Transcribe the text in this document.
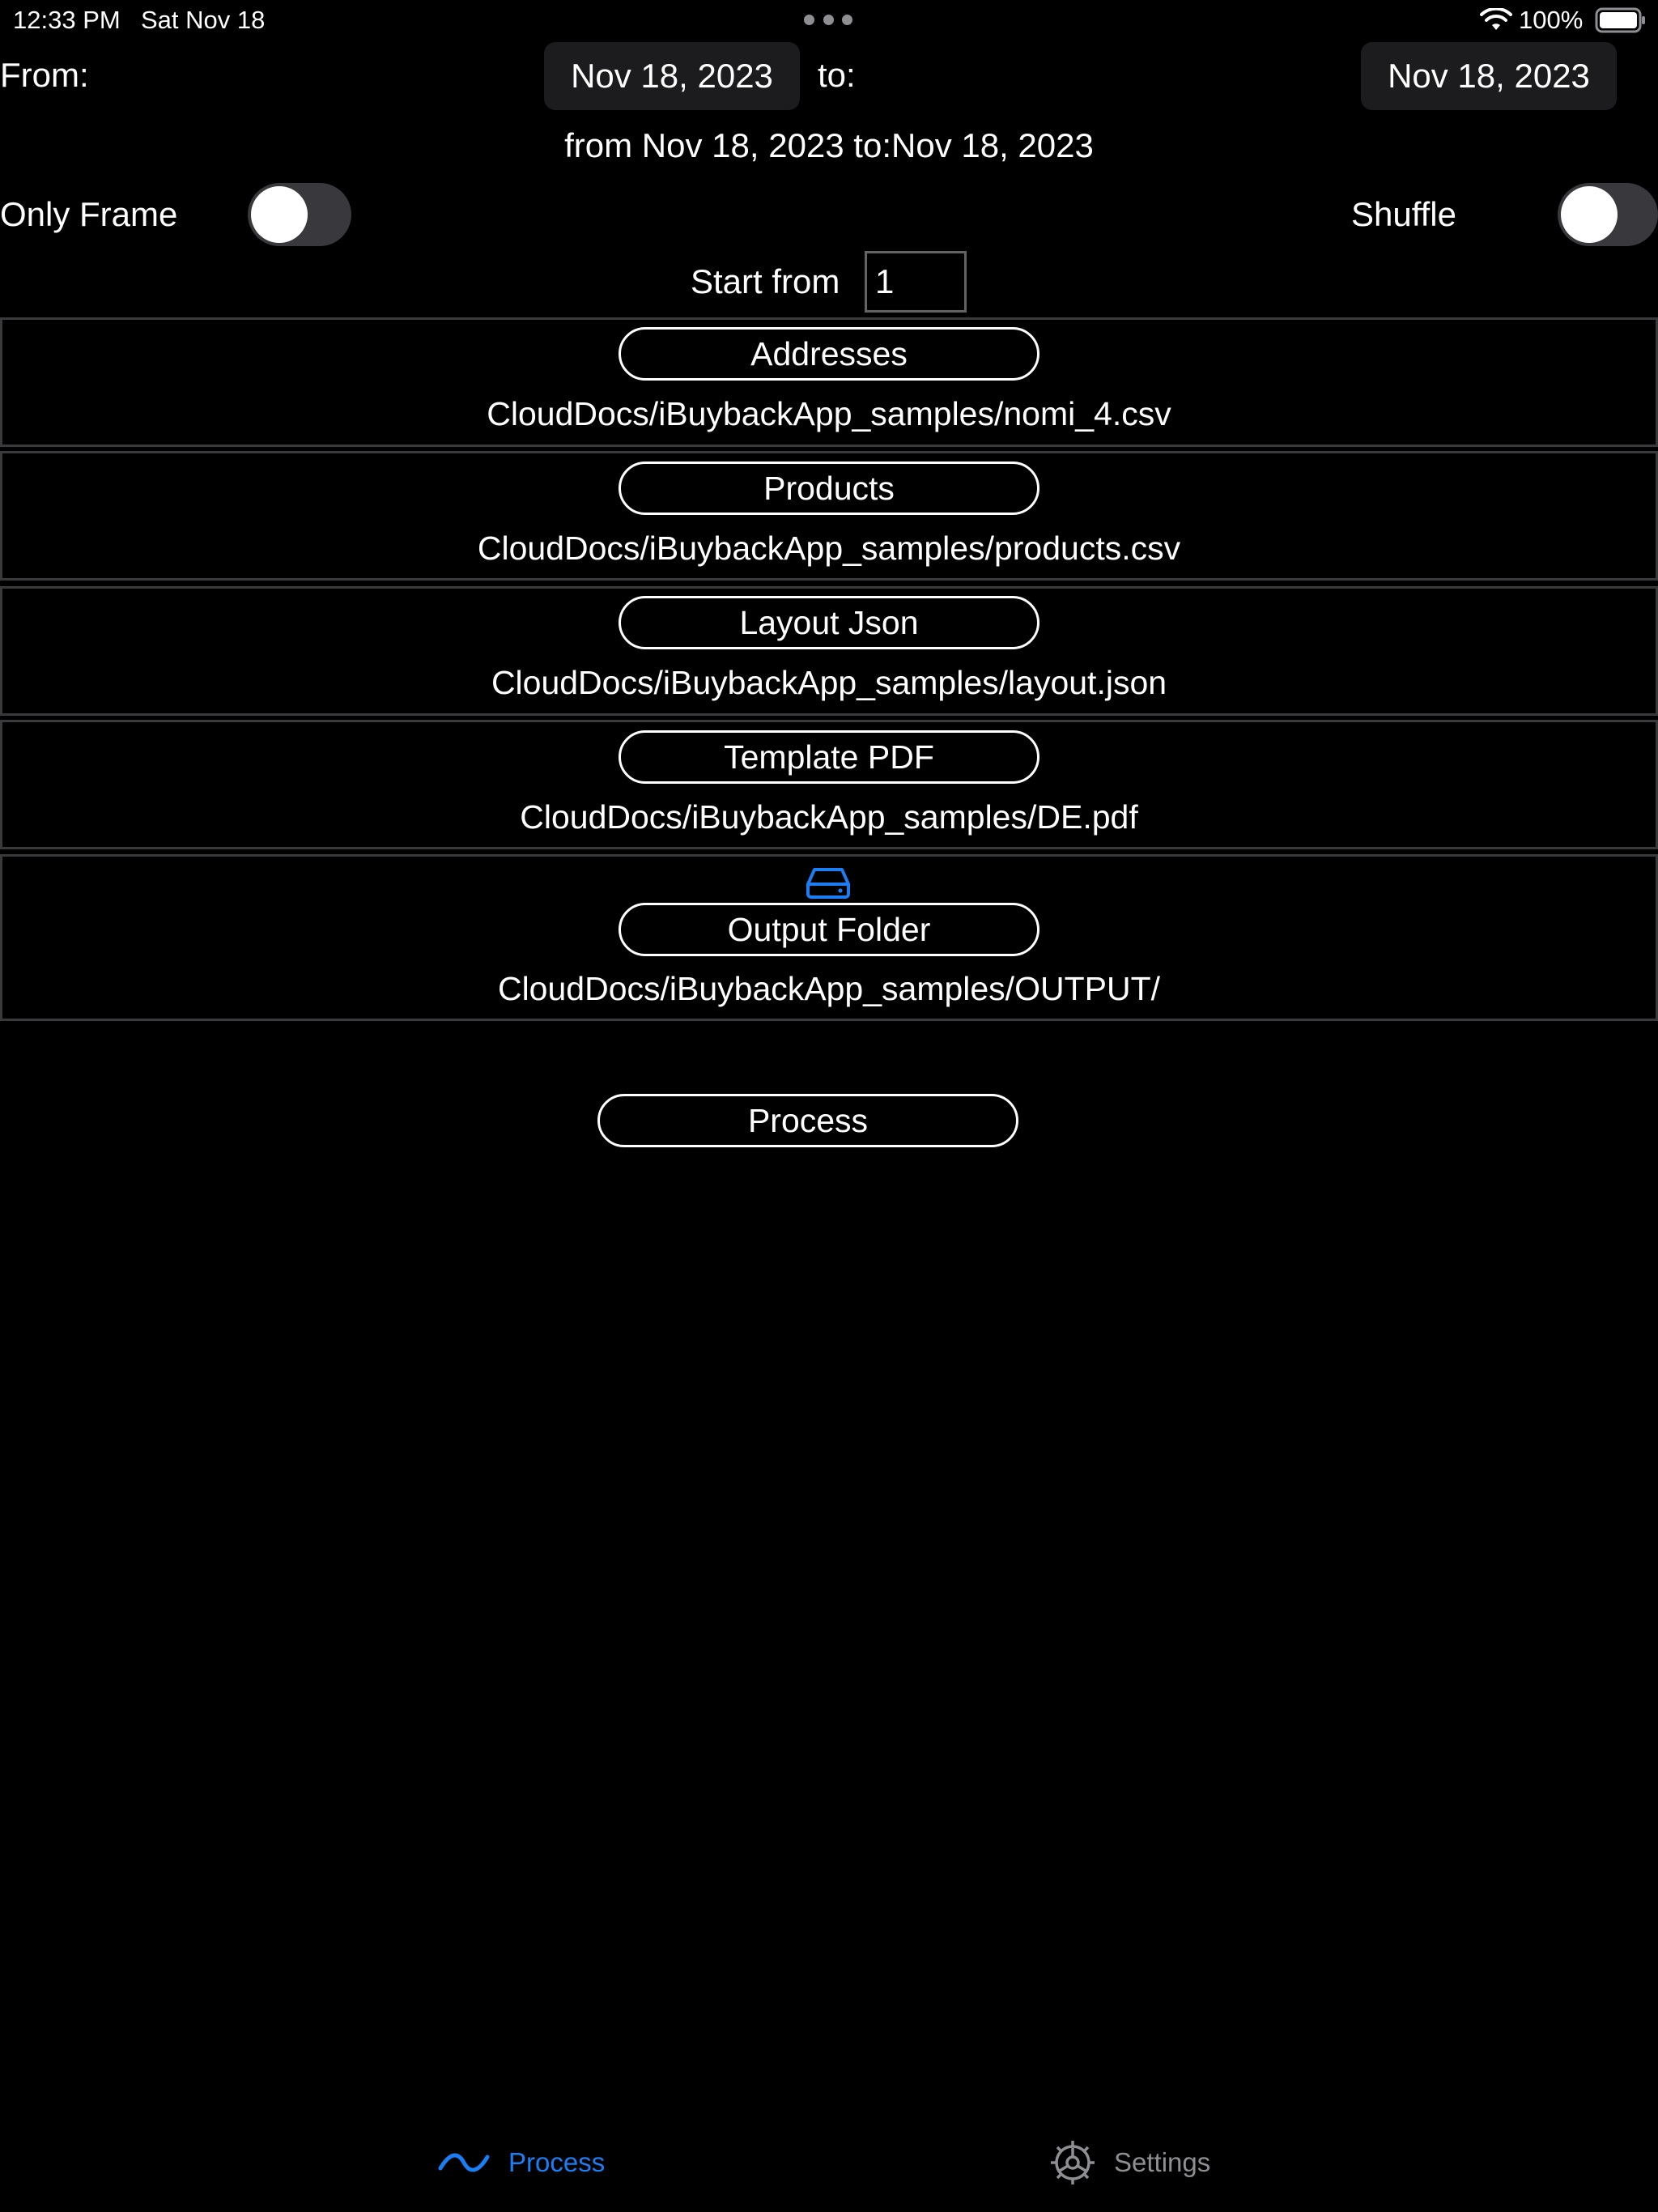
12:33 PM Sat Nov 18	100%
From:	Nov 18, 2023	to:	Nov 18, 2023
from Nov 18, 2023 to:Nov 18, 2023
Only Frame	Shuffle
Start from	1
Addresses
CloudDocs/iBuybackApp_samples/nomi_4.csv
Products
CloudDocs/iBuybackApp_samples/products.csv
Layout Json
CloudDocs/iBuybackApp_samples/layout.json
Template PDF
CloudDocs/iBuybackApp_samples/DE.pdf
Output Folder
CloudDocs/iBuybackApp_samples/OUTPUT/
Process
Process	Settings
